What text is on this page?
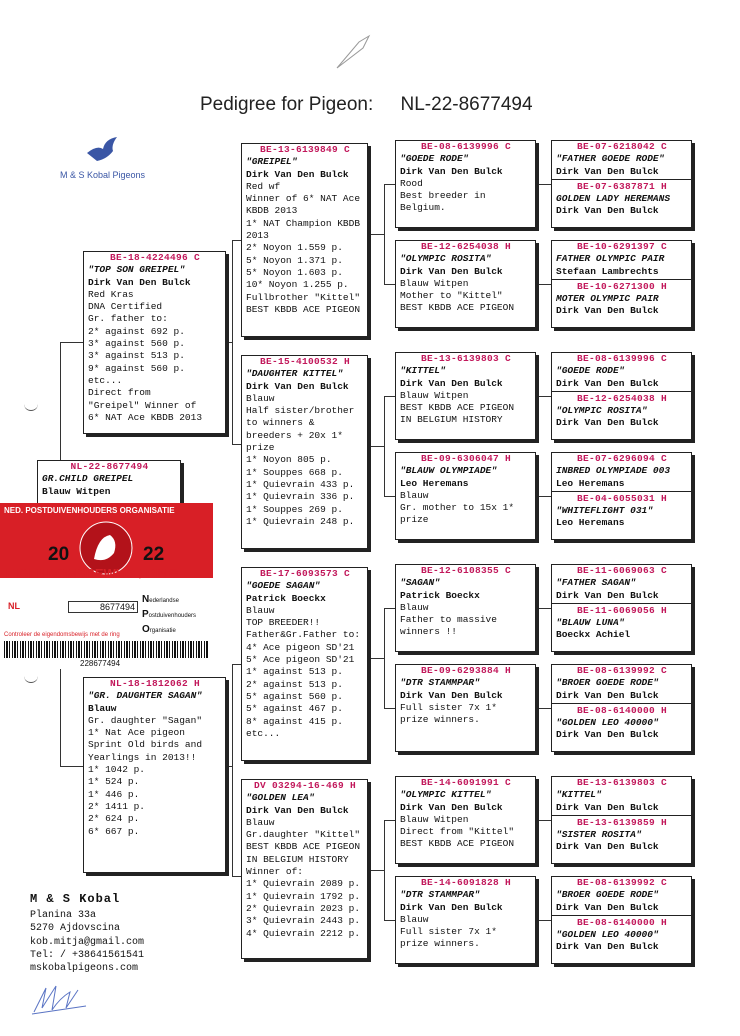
Pedigree for Pigeon: NL-22-8677494
M & S Kobal Pigeons
NL-22-8677494
GR.CHILD GREIPEL
Blauw Witpen
BE-18-4224496 C
"TOP SON GREIPEL"
Dirk Van Den Bulck
Red Kras
DNA Certified
Gr. father to:
2* against 692 p.
3* against 560 p.
3* against 513 p.
9* against 560 p.
etc...
Direct from
"Greipel" Winner of
6* NAT Ace KBDB 2013
NL-18-1812062 H
"GR. DAUGHTER SAGAN"
Blauw
Gr. daughter "Sagan"
1* Nat Ace pigeon
Sprint Old birds and
Yearlings in 2013!!
1* 1042 p.
1* 524 p.
1* 446 p.
2* 1411 p.
2* 624 p.
6* 667 p.
BE-13-6139849 C
"GREIPEL"
Dirk Van Den Bulck
Red wf
Winner of 6* NAT Ace
KBDB 2013
1* NAT Champion KBDB
2013
2* Noyon 1.559 p.
5* Noyon 1.371 p.
5* Noyon 1.603 p.
10* Noyon 1.255 p.
Fullbrother "Kittel"
BEST KBDB ACE PIGEON
BE-15-4100532 H
"DAUGHTER KITTEL"
Dirk Van Den Bulck
Blauw
Half sister/brother
to winners &
breeders + 20x 1*
prize
1* Noyon 805 p.
1* Souppes 668 p.
1* Quievrain 433 p.
1* Quievrain 336 p.
1* Souppes 269 p.
1* Quievrain 248 p.
BE-17-6093573 C
"GOEDE SAGAN"
Patrick Boeckx
Blauw
TOP BREEDER!!
Father&Gr.Father to:
4* Ace pigeon SD'21
5* Ace pigeon SD'21
1* against 513 p.
2* against 513 p.
5* against 560 p.
5* against 467 p.
8* against 415 p.
etc...
DV 03294-16-469 H
"GOLDEN LEA"
Dirk Van Den Bulck
Blauw
Gr.daughter "Kittel"
BEST KBDB ACE PIGEON
IN BELGIUM HISTORY
Winner of:
1* Quievrain 2089 p.
1* Quievrain 1792 p.
2* Quievrain 2023 p.
3* Quievrain 2443 p.
4* Quievrain 2212 p.
BE-08-6139996 C
"GOEDE RODE"
Dirk Van Den Bulck
Rood
Best breeder in
Belgium.
BE-12-6254038 H
"OLYMPIC ROSITA"
Dirk Van Den Bulck
Blauw Witpen
Mother to "Kittel"
BEST KBDB ACE PIGEON
BE-13-6139803 C
"KITTEL"
Dirk Van Den Bulck
Blauw Witpen
BEST KBDB ACE PIGEON
IN BELGIUM HISTORY
BE-09-6306047 H
"BLAUW OLYMPIADE"
Leo Heremans
Blauw
Gr. mother to 15x 1*
prize
BE-12-6108355 C
"SAGAN"
Patrick Boeckx
Blauw
Father to massive
winners !!
BE-09-6293884 H
"DTR STAMMPAR"
Dirk Van Den Bulck
Full sister 7x 1*
prize winners.
BE-14-6091991 C
"OLYMPIC KITTEL"
Dirk Van Den Bulck
Blauw Witpen
Direct from "Kittel"
BEST KBDB ACE PIGEON
BE-14-6091828 H
"DTR STAMMPAR"
Dirk Van Den Bulck
Blauw
Full sister 7x 1*
prize winners.
BE-07-6218042 C
"FATHER GOEDE RODE"
Dirk Van Den Bulck
BE-07-6387871 H
GOLDEN LADY HEREMANS
Dirk Van Den Bulck
BE-10-6291397 C
FATHER OLYMPIC PAIR
Stefaan Lambrechts
BE-10-6271300 H
MOTER OLYMPIC PAIR
Dirk Van Den Bulck
BE-08-6139996 C
"GOEDE RODE"
Dirk Van Den Bulck
BE-12-6254038 H
"OLYMPIC ROSITA"
Dirk Van Den Bulck
BE-07-6296094 C
INBRED OLYMPIADE 003
Leo Heremans
BE-04-6055031 H
"WHITEFLIGHT 031"
Leo Heremans
BE-11-6069063 C
"FATHER SAGAN"
Dirk Van Den Bulck
BE-11-6069056 H
"BLAUW LUNA"
Boeckx Achiel
BE-08-6139992 C
"BROER GOEDE RODE"
Dirk Van Den Bulck
BE-08-6140000 H
"GOLDEN LEO 40000"
Dirk Van Den Bulck
BE-13-6139803 C
"KITTEL"
Dirk Van Den Bulck
BE-13-6139859 H
"SISTER ROSITA"
Dirk Van Den Bulck
BE-08-6139992 C
"BROER GOEDE RODE"
Dirk Van Den Bulck
BE-08-6140000 H
"GOLDEN LEO 40000"
Dirk Van Den Bulck
NED. POSTDUIVENHOUDERS ORGANISATIE
20	22
EIGENDOMSBEWIJS / RING
NL	8677494
Nederlandse
Postduivenhouders
Organisatie
Controleer de eigendomsbewijs met de ring
228677494
M & S Kobal
Planina 33a
5270 Ajdovscina
kob.mitja@gmail.com
Tel: / +38641561541
mskobalpigeons.com
